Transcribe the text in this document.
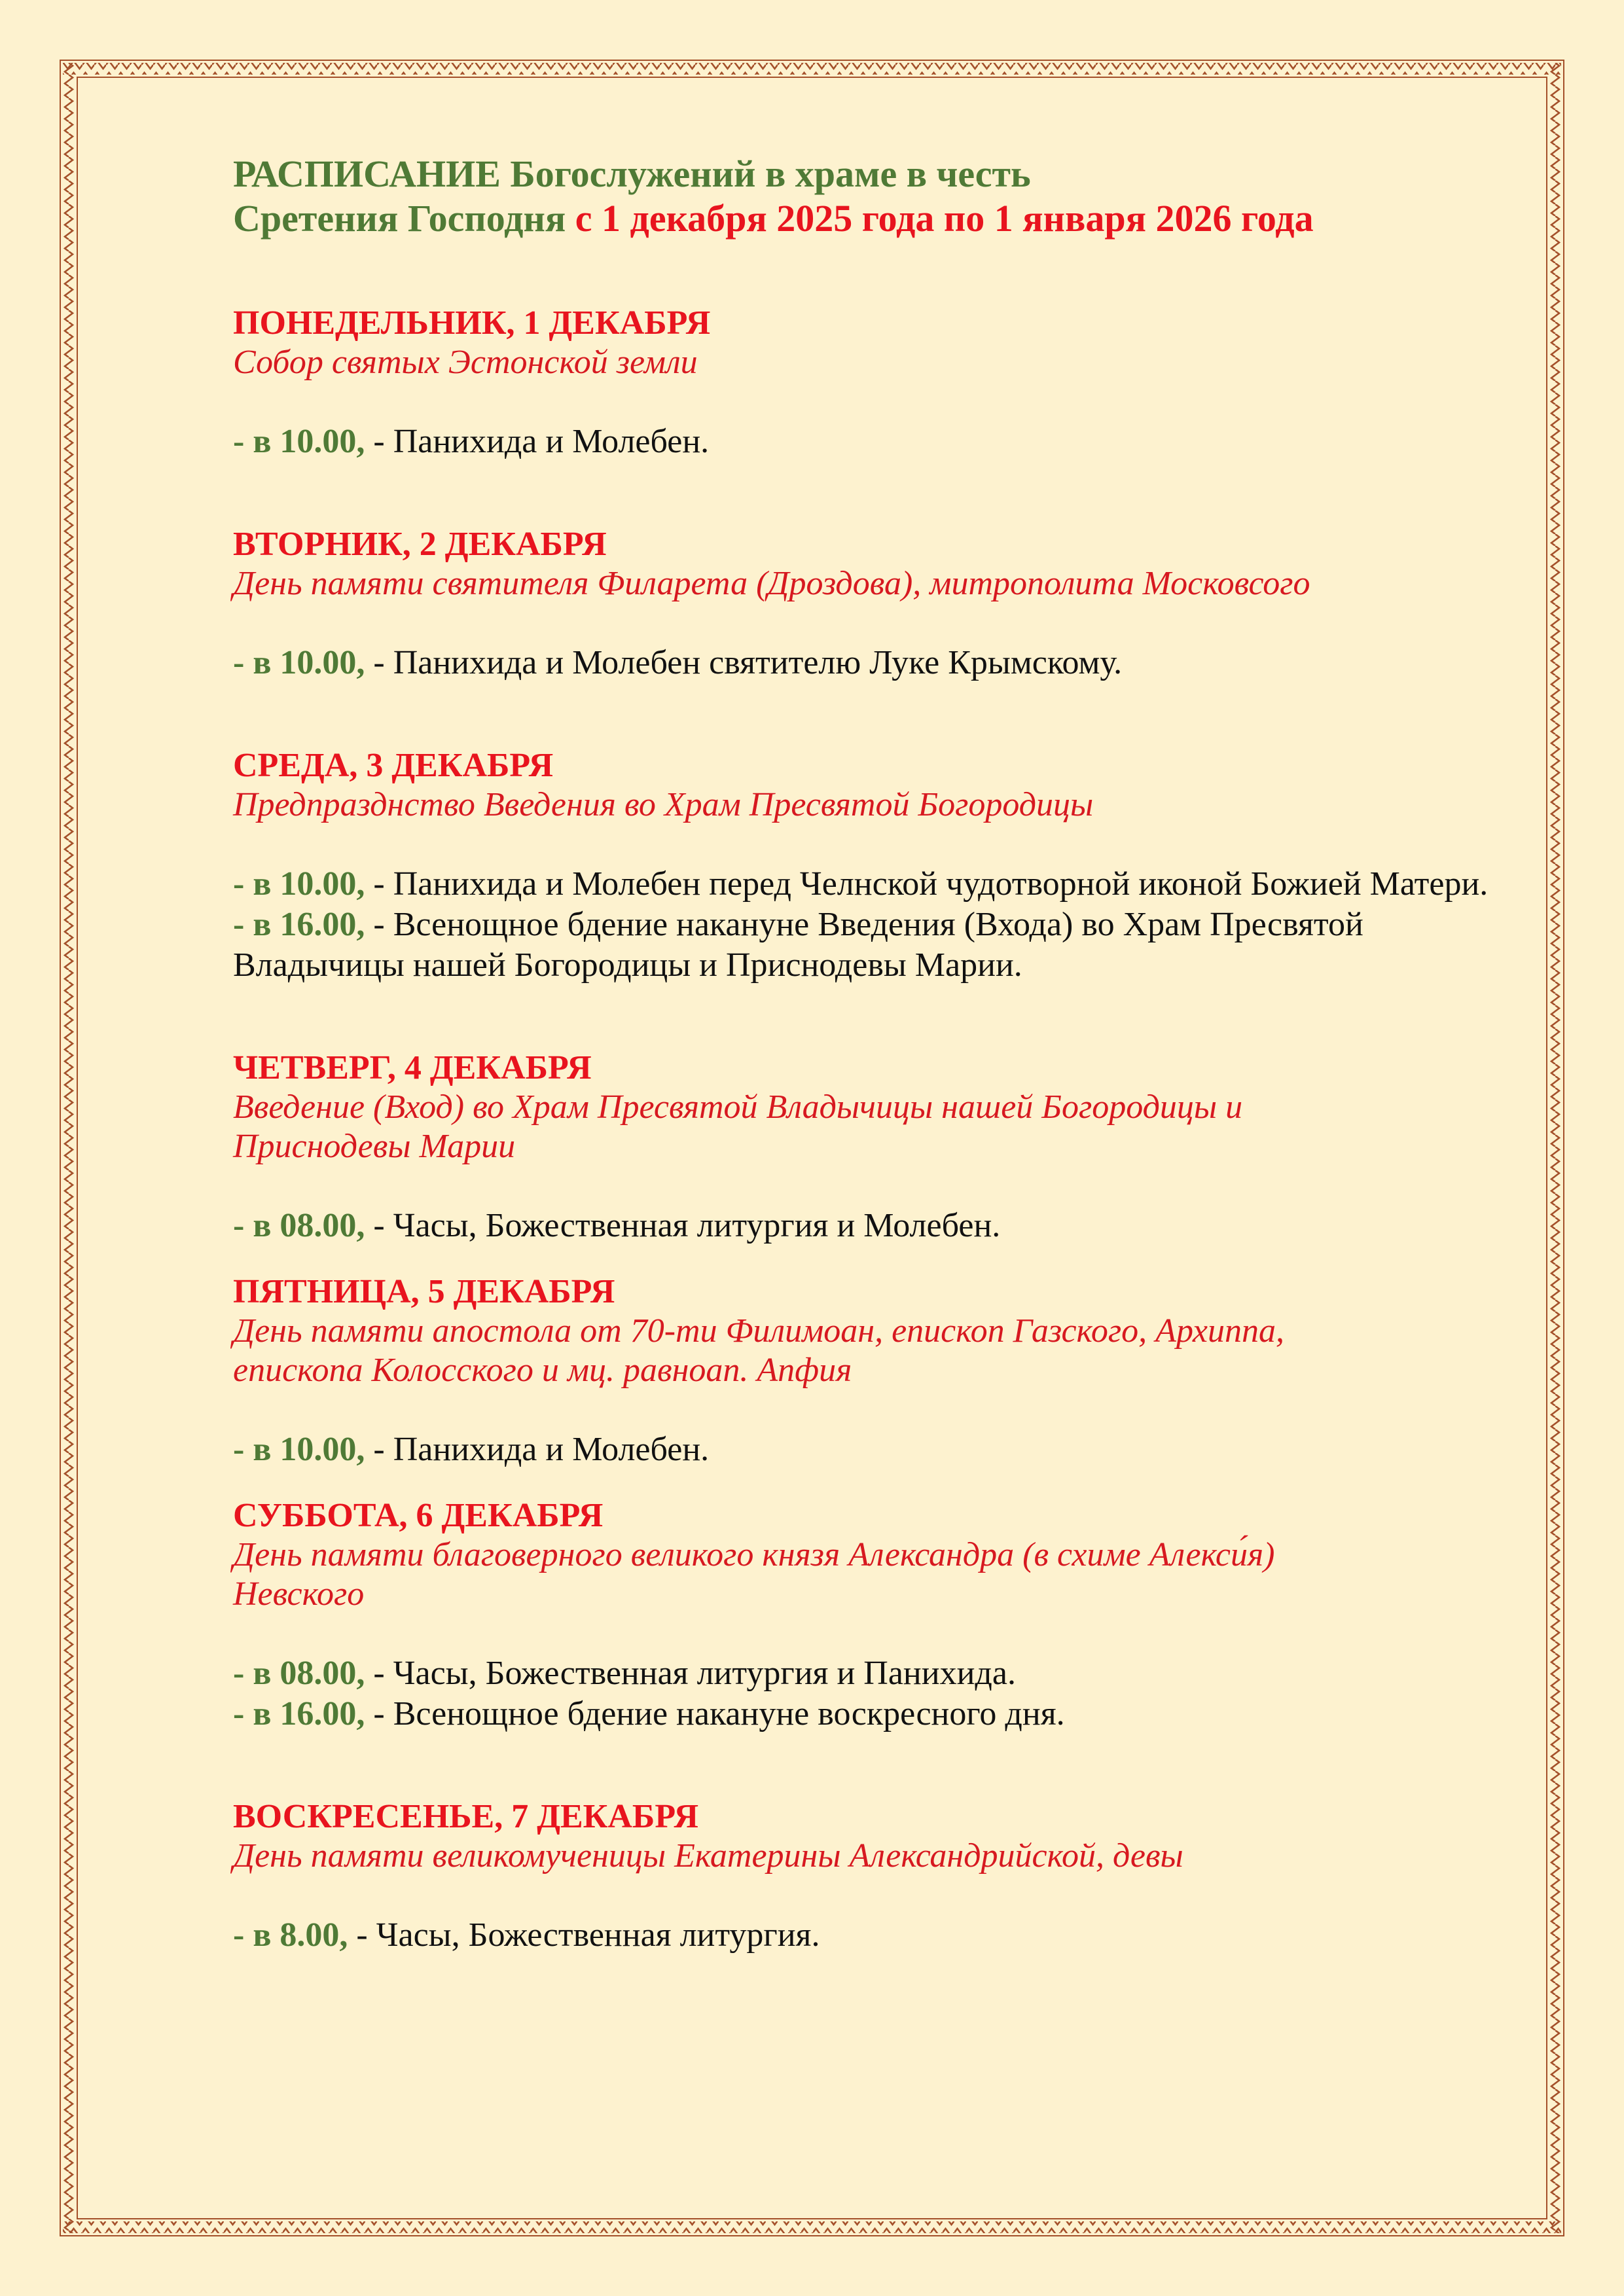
РАСПИСАНИЕ Богослужений в храме в честь
Сретения Господня с 1 декабря 2025 года по 1 января 2026 года
ПОНЕДЕЛЬНИК, 1 ДЕКАБРЯ
Собор святых Эстонской земли
- в 10.00, - Панихида и Молебен.
ВТОРНИК, 2 ДЕКАБРЯ
День памяти святителя Филарета (Дроздова), митрополита Московсого
- в 10.00, - Панихида и Молебен святителю Луке Крымскому.
СРЕДА, 3 ДЕКАБРЯ
Предпразднство Введения во Храм Пресвятой Богородицы
- в 10.00, - Панихида и Молебен перед Челнской чудотворной иконой Божией Матери.
- в 16.00, - Всенощное бдение накануне Введения (Входа) во Храм Пресвятой Владычицы нашей Богородицы и Приснодевы Марии.
ЧЕТВЕРГ, 4 ДЕКАБРЯ
Введение (Вход) во Храм Пресвятой Владычицы нашей Богородицы и
Приснодевы Марии
- в 08.00, - Часы, Божественная литургия и Молебен.
ПЯТНИЦА, 5 ДЕКАБРЯ
День памяти апостола от 70-ти Филимоан, епископ Газского, Архиппа,
епископа Колосского и мц. равноап. Апфия
- в 10.00, - Панихида и Молебен.
СУББОТА, 6 ДЕКАБРЯ
День памяти благоверного великого князя Александра (в схиме Алекси́я)
Невского
- в 08.00, - Часы, Божественная литургия и Панихида.
- в 16.00, - Всенощное бдение накануне воскресного дня.
ВОСКРЕСЕНЬЕ, 7 ДЕКАБРЯ
День памяти великомученицы Екатерины Александрийской, девы
- в 8.00, - Часы, Божественная литургия.
